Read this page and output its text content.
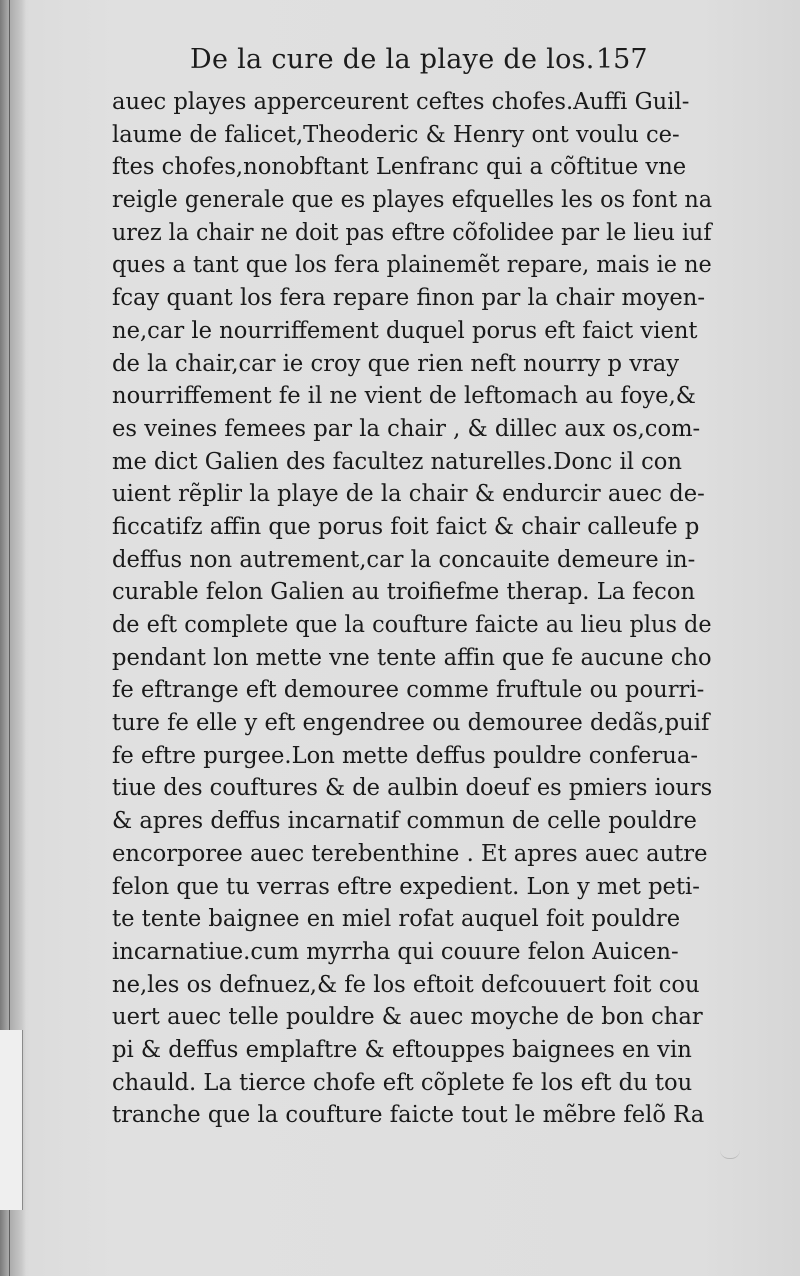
De la cure de la playe de los. 157
auec playes apperceurent ceftes chofes.Auffi Guil-
laume de falicet,Theoderic & Henry ont voulu ce-
ftes chofes,nonobftant Lenfranc qui a cõftitue vne
reigle generale que es playes efquelles les os font na
urez la chair ne doit pas eftre cõfolidee par le lieu iuf
ques a tant que los fera plainemẽt repare, mais ie ne
fcay quant los fera repare finon par la chair moyen-
ne,car le nourriffement duquel porus eft faict vient
de la chair,car ie croy que rien neft nourry p vray
nourriffement fe il ne vient de leftomach au foye,&
es veines femees par la chair , & dillec aux os,com-
me dict Galien des facultez naturelles.Donc il con
uient rẽplir la playe de la chair & endurcir auec de-
ficcatifz affin que porus foit faict & chair calleufe p
deffus non autrement,car la concauite demeure in-
curable felon Galien au troifiefme therap. La fecon
de eft complete que la coufture faicte au lieu plus de
pendant lon mette vne tente affin que fe aucune cho
fe eftrange eft demouree comme fruftule ou pourri-
ture fe elle y eft engendree ou demouree dedãs,puif
fe eftre purgee.Lon mette deffus pouldre conferua-
tiue des couftures & de aulbin doeuf es pmiers iours
& apres deffus incarnatif commun de celle pouldre
encorporee auec terebenthine . Et apres auec autre
felon que tu verras eftre expedient. Lon y met peti-
te tente baignee en miel rofat auquel foit pouldre
incarnatiue.cum myrrha qui couure felon Auicen-
ne,les os defnuez,& fe los eftoit defcouuert foit cou
uert auec telle pouldre & auec moyche de bon char
pi & deffus emplaftre & eftouppes baignees en vin
chauld. La tierce chofe eft cõplete fe los eft du tou
tranche que la coufture faicte tout le mẽbre felõ Ra
